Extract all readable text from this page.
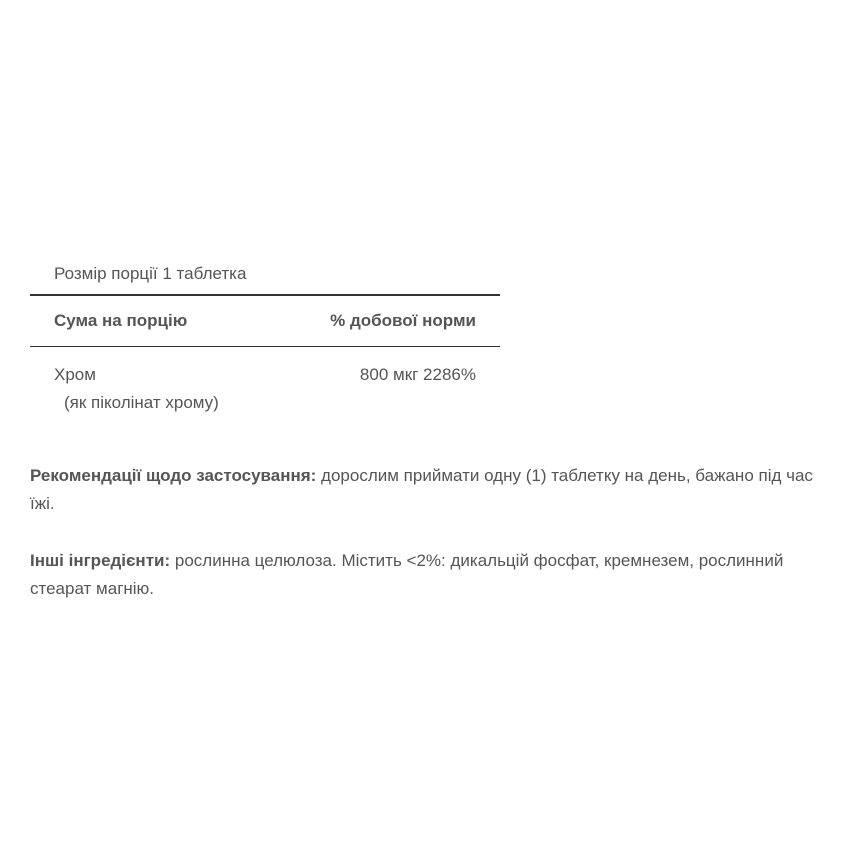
Розмір порції 1 таблетка
Сума на порцію	% добової норми
Хром	800 мкг 2286%
(як піколінат хрому)
Рекомендації щодо застосування: дорослим приймати одну (1) таблетку на день, бажано під час їжі.
Інші інгредієнти: рослинна целюлоза. Містить <2%: дикальцій фосфат, кремнезем, рослинний стеарат магнію.
